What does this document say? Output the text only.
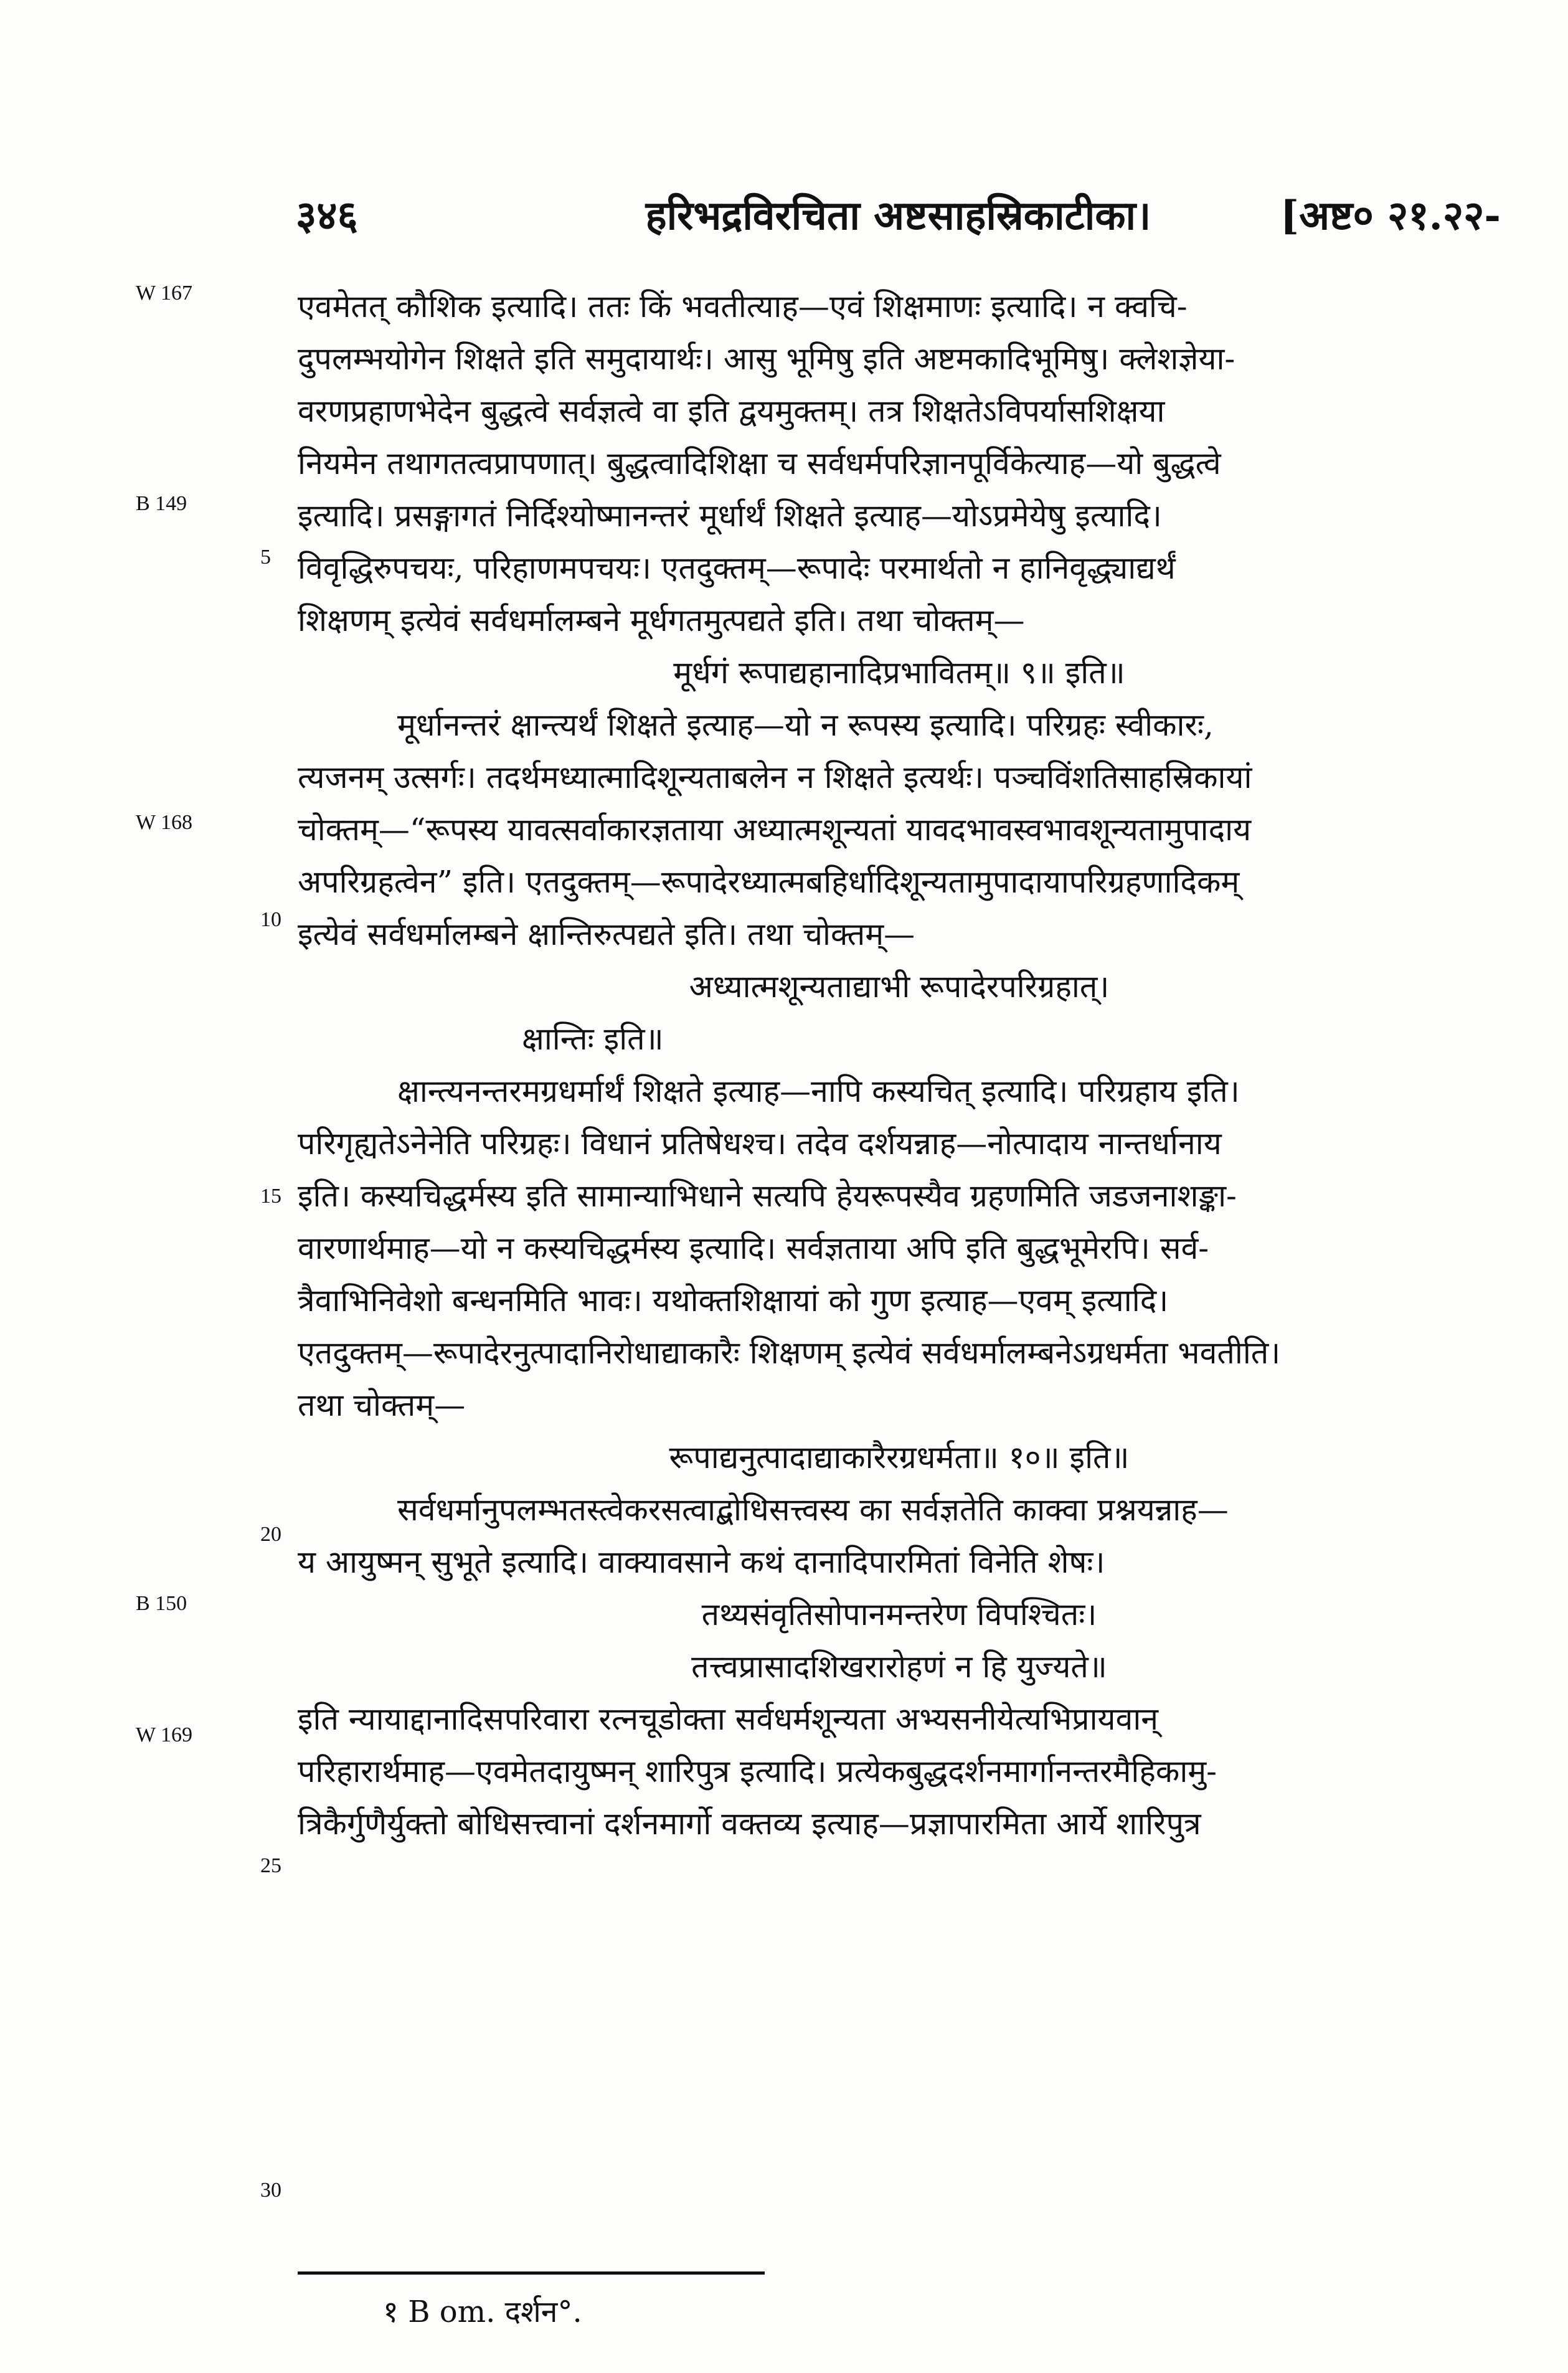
३४६	हरिभद्रविरचिता अष्टसाहस्रिकाटीका।	[अष्ट० २१.२२-
W 167
B 149
W 168
B 150
W 169
5
10
15
20
25
30
एवमेतत् कौशिक इत्यादि। ततः किं भवतीत्याह—एवं शिक्षमाणः इत्यादि। न क्वचि-
दुपलम्भयोगेन शिक्षते इति समुदायार्थः। आसु भूमिषु इति अष्टमकादिभूमिषु। क्लेशज्ञेया-
वरणप्रहाणभेदेन बुद्धत्वे सर्वज्ञत्वे वा इति द्वयमुक्तम्। तत्र शिक्षतेऽविपर्यासशिक्षया
नियमेन तथागतत्वप्रापणात्। बुद्धत्वादिशिक्षा च सर्वधर्मपरिज्ञानपूर्विकेत्याह—यो बुद्धत्वे
इत्यादि। प्रसङ्गागतं निर्दिश्योष्मानन्तरं मूर्धार्थं शिक्षते इत्याह—योऽप्रमेयेषु इत्यादि।
विवृद्धिरुपचयः, परिहाणमपचयः। एतदुक्तम्—रूपादेः परमार्थतो न हानिवृद्ध्याद्यर्थं
शिक्षणम् इत्येवं सर्वधर्मालम्बने मूर्धगतमुत्पद्यते इति। तथा चोक्तम्—
मूर्धगं रूपाद्यहानादिप्रभावितम्॥ ९॥ इति॥
मूर्धानन्तरं क्षान्त्यर्थं शिक्षते इत्याह—यो न रूपस्य इत्यादि। परिग्रहः स्वीकारः,
त्यजनम् उत्सर्गः। तदर्थमध्यात्मादिशून्यताबलेन न शिक्षते इत्यर्थः। पञ्चविंशतिसाहस्रिकायां
चोक्तम्—“रूपस्य यावत्सर्वाकारज्ञताया अध्यात्मशून्यतां यावदभावस्वभावशून्यतामुपादाय
अपरिग्रहत्वेन” इति। एतदुक्तम्—रूपादेरध्यात्मबहिर्धादिशून्यतामुपादायापरिग्रहणादिकम्
इत्येवं सर्वधर्मालम्बने क्षान्तिरुत्पद्यते इति। तथा चोक्तम्—
अध्यात्मशून्यताद्याभी रूपादेरपरिग्रहात्।
क्षान्तिः इति॥
क्षान्त्यनन्तरमग्रधर्मार्थं शिक्षते इत्याह—नापि कस्यचित् इत्यादि। परिग्रहाय इति।
परिगृह्यतेऽनेनेति परिग्रहः। विधानं प्रतिषेधश्च। तदेव दर्शयन्नाह—नोत्पादाय नान्तर्धानाय
इति। कस्यचिद्धर्मस्य इति सामान्याभिधाने सत्यपि हेयरूपस्यैव ग्रहणमिति जडजनाशङ्का-
वारणार्थमाह—यो न कस्यचिद्धर्मस्य इत्यादि। सर्वज्ञताया अपि इति बुद्धभूमेरपि। सर्व-
त्रैवाभिनिवेशो बन्धनमिति भावः। यथोक्तशिक्षायां को गुण इत्याह—एवम् इत्यादि।
एतदुक्तम्—रूपादेरनुत्पादानिरोधाद्याकारैः शिक्षणम् इत्येवं सर्वधर्मालम्बनेऽग्रधर्मता भवतीति।
तथा चोक्तम्—
रूपाद्यनुत्पादाद्याकारैरग्रधर्मता॥ १०॥ इति॥
सर्वधर्मानुपलम्भतस्त्वेकरसत्वाद्बोधिसत्त्वस्य का सर्वज्ञतेति काक्वा प्रश्नयन्नाह—
य आयुष्मन् सुभूते इत्यादि। वाक्यावसाने कथं दानादिपारमितां विनेति शेषः।
तथ्यसंवृतिसोपानमन्तरेण विपश्चितः।
तत्त्वप्रासादशिखरारोहणं न हि युज्यते॥
इति न्यायाद्दानादिसपरिवारा रत्नचूडोक्ता सर्वधर्मशून्यता अभ्यसनीयेत्यभिप्रायवान्
परिहारार्थमाह—एवमेतदायुष्मन् शारिपुत्र इत्यादि। प्रत्येकबुद्धदर्शनमार्गानन्तरमैहिकामु-
त्रिकैर्गुणैर्युक्तो बोधिसत्त्वानां दर्शनमार्गो वक्तव्य इत्याह—प्रज्ञापारमिता आर्ये शारिपुत्र
१ B om. दर्शन°.
